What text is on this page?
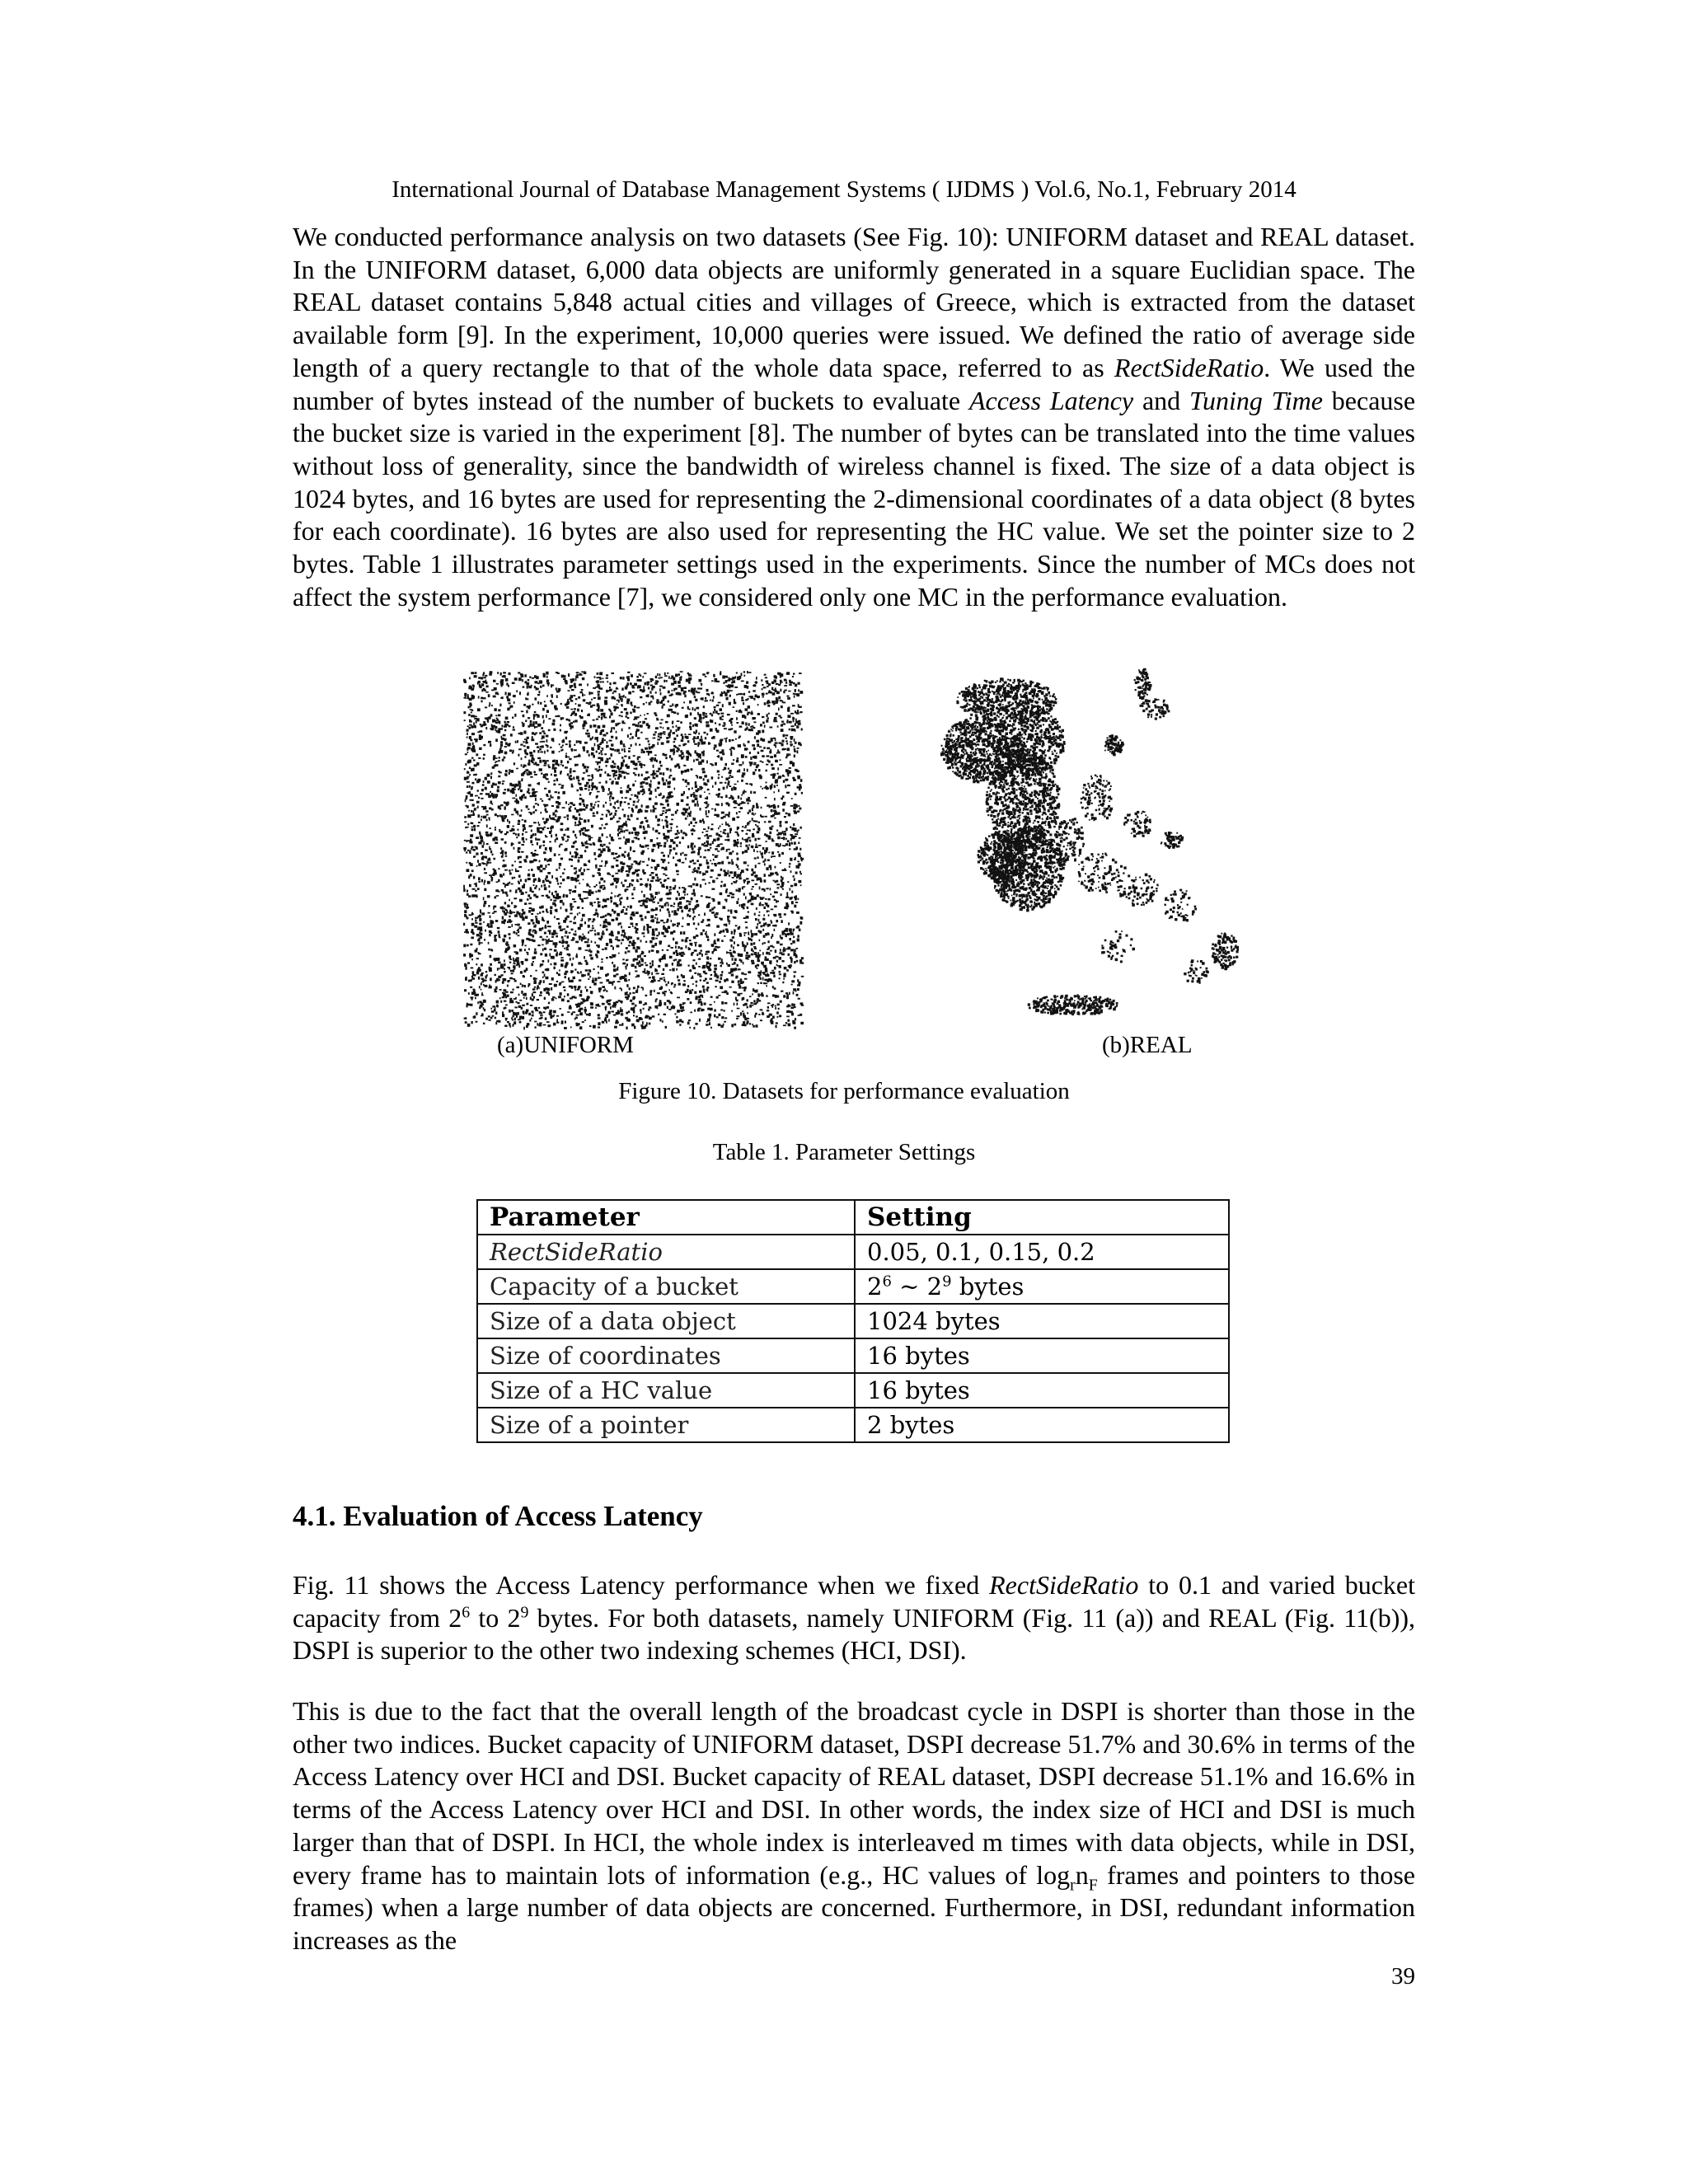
International Journal of Database Management Systems ( IJDMS ) Vol.6, No.1, February 2014

We conducted performance analysis on two datasets (See Fig. 10): UNIFORM dataset and REAL dataset. In the UNIFORM dataset, 6,000 data objects are uniformly generated in a square Euclidian space. The REAL dataset contains 5,848 actual cities and villages of Greece, which is extracted from the dataset available form [9]. In the experiment, 10,000 queries were issued. We defined the ratio of average side length of a query rectangle to that of the whole data space, referred to as RectSideRatio. We used the number of bytes instead of the number of buckets to evaluate Access Latency and Tuning Time because the bucket size is varied in the experiment [8]. The number of bytes can be translated into the time values without loss of generality, since the bandwidth of wireless channel is fixed. The size of a data object is 1024 bytes, and 16 bytes are used for representing the 2-dimensional coordinates of a data object (8 bytes for each coordinate). 16 bytes are also used for representing the HC value. We set the pointer size to 2 bytes. Table 1 illustrates parameter settings used in the experiments. Since the number of MCs does not affect the system performance [7], we considered only one MC in the performance evaluation.

(a)UNIFORM	(b)REAL
Figure 10. Datasets for performance evaluation
Table 1. Parameter Settings
Parameter	Setting
RectSideRatio	0.05, 0.1, 0.15, 0.2
Capacity of a bucket	$2^6$ ~ $2^9$ bytes
Size of a data object	1024 bytes
Size of coordinates	16 bytes
Size of a HC value	16 bytes
Size of a pointer	2 bytes
4.1. Evaluation of Access Latency

Fig. 11 shows the Access Latency performance when we fixed RectSideRatio to 0.1 and varied bucket capacity from $2^6$ to $2^9$ bytes. For both datasets, namely UNIFORM (Fig. 11 (a)) and REAL (Fig. 11(b)), DSPI is superior to the other two indexing schemes (HCI, DSI).

This is due to the fact that the overall length of the broadcast cycle in DSPI is shorter than those in the other two indices. Bucket capacity of UNIFORM dataset, DSPI decrease 51.7% and 30.6% in terms of the Access Latency over HCI and DSI. Bucket capacity of REAL dataset, DSPI decrease 51.1% and 16.6% in terms of the Access Latency over HCI and DSI. In other words, the index size of HCI and DSI is much larger than that of DSPI. In HCI, the whole index is interleaved m times with data objects, while in DSI, every frame has to maintain lots of information (e.g., HC values of $\log_rn_F$ frames and pointers to those frames) when a large number of data objects are concerned. Furthermore, in DSI, redundant information increases as the

39
